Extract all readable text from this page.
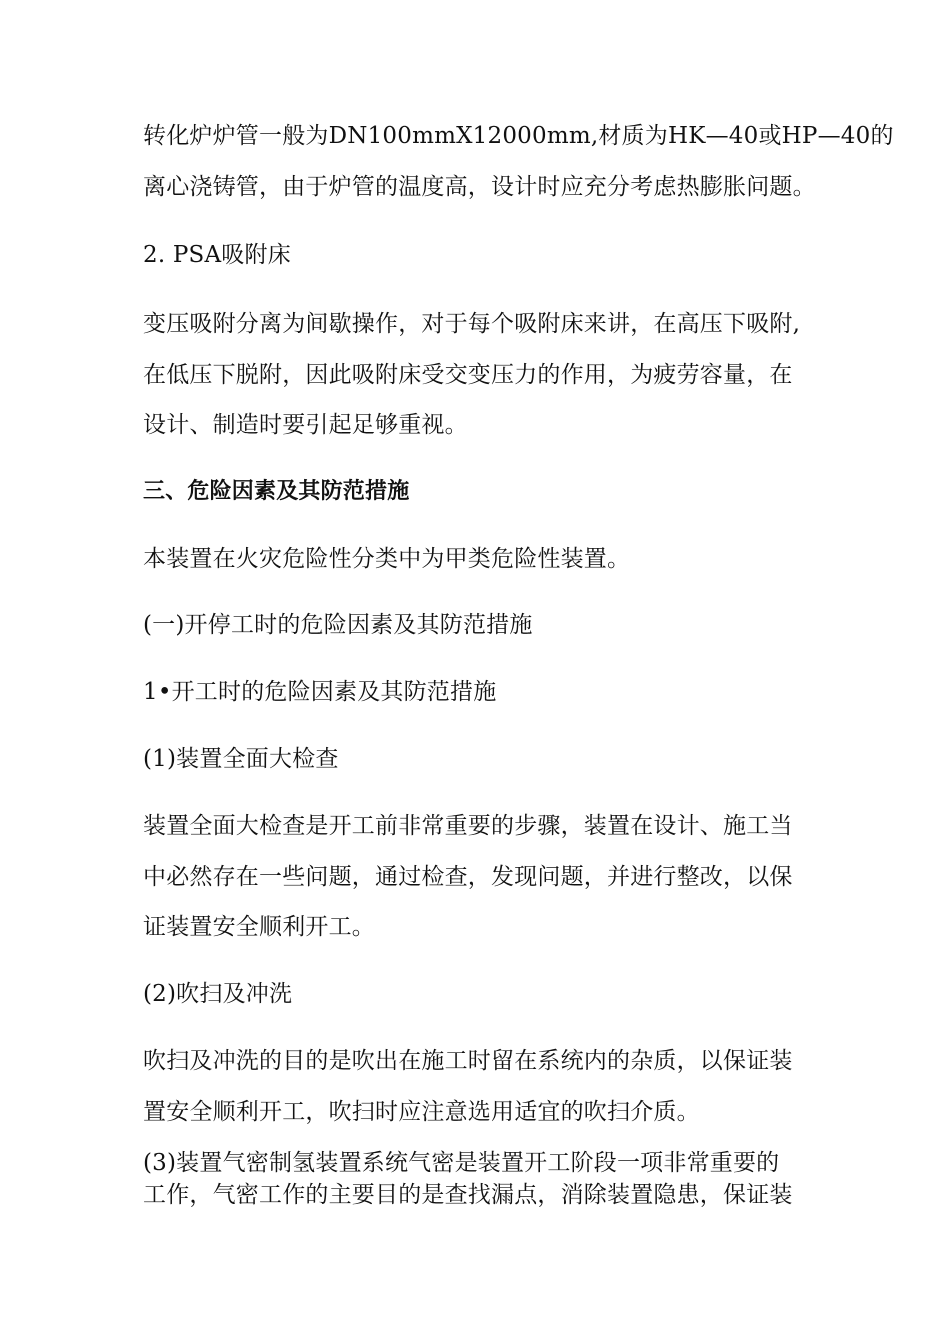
转化炉炉管一般为DN100mmX12000mm,材质为HK—40或HP—40的
离心浇铸管，由于炉管的温度高，设计时应充分考虑热膨胀问题。
2. PSA吸附床
变压吸附分离为间歇操作，对于每个吸附床来讲，在高压下吸附,
在低压下脱附，因此吸附床受交变压力的作用，为疲劳容量，在
设计、制造时要引起足够重视。
三、危险因素及其防范措施
本装置在火灾危险性分类中为甲类危险性装置。
(一)开停工时的危险因素及其防范措施
1•开工时的危险因素及其防范措施
(1)装置全面大检查
装置全面大检查是开工前非常重要的步骤，装置在设计、施工当
中必然存在一些问题，通过检查，发现问题，并进行整改，以保
证装置安全顺利开工。
(2)吹扫及冲洗
吹扫及冲洗的目的是吹出在施工时留在系统内的杂质，以保证装
置安全顺利开工，吹扫时应注意选用适宜的吹扫介质。
(3)装置气密制氢装置系统气密是装置开工阶段一项非常重要的
工作，气密工作的主要目的是查找漏点，消除装置隐患，保证装
